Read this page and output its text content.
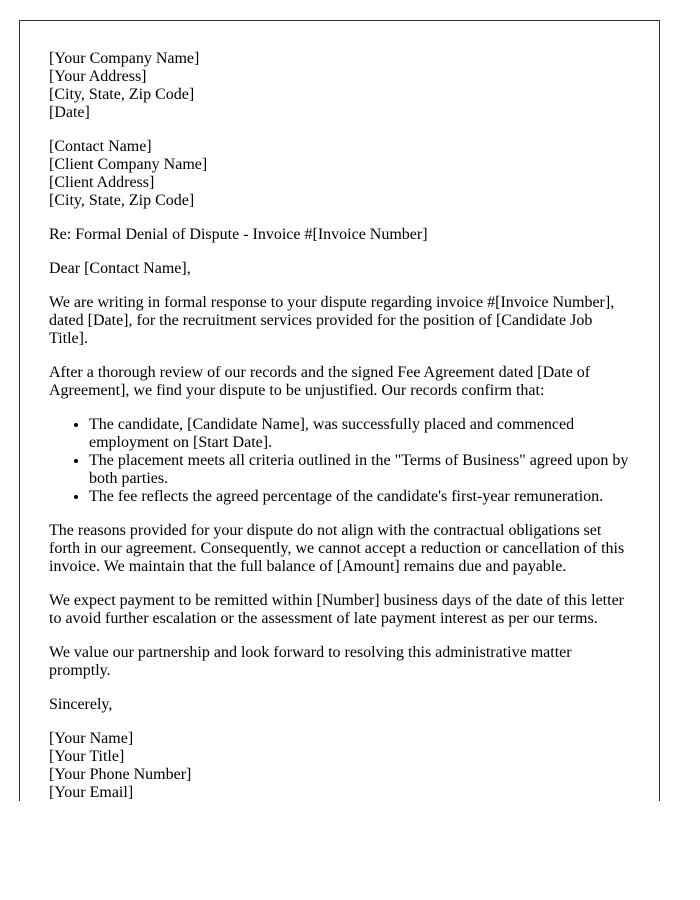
[Your Company Name]
[Your Address]
[City, State, Zip Code]
[Date]

[Contact Name]
[Client Company Name]
[Client Address]
[City, State, Zip Code]

Re: Formal Denial of Dispute - Invoice #[Invoice Number]

Dear [Contact Name],

We are writing in formal response to your dispute regarding invoice #[Invoice Number], dated [Date], for the recruitment services provided for the position of [Candidate Job Title].

After a thorough review of our records and the signed Fee Agreement dated [Date of Agreement], we find your dispute to be unjustified. Our records confirm that:

• The candidate, [Candidate Name], was successfully placed and commenced employment on [Start Date].
• The placement meets all criteria outlined in the "Terms of Business" agreed upon by both parties.
• The fee reflects the agreed percentage of the candidate's first-year remuneration.

The reasons provided for your dispute do not align with the contractual obligations set forth in our agreement. Consequently, we cannot accept a reduction or cancellation of this invoice. We maintain that the full balance of [Amount] remains due and payable.

We expect payment to be remitted within [Number] business days of the date of this letter to avoid further escalation or the assessment of late payment interest as per our terms.

We value our partnership and look forward to resolving this administrative matter promptly.

Sincerely,

[Your Name]
[Your Title]
[Your Phone Number]
[Your Email]
